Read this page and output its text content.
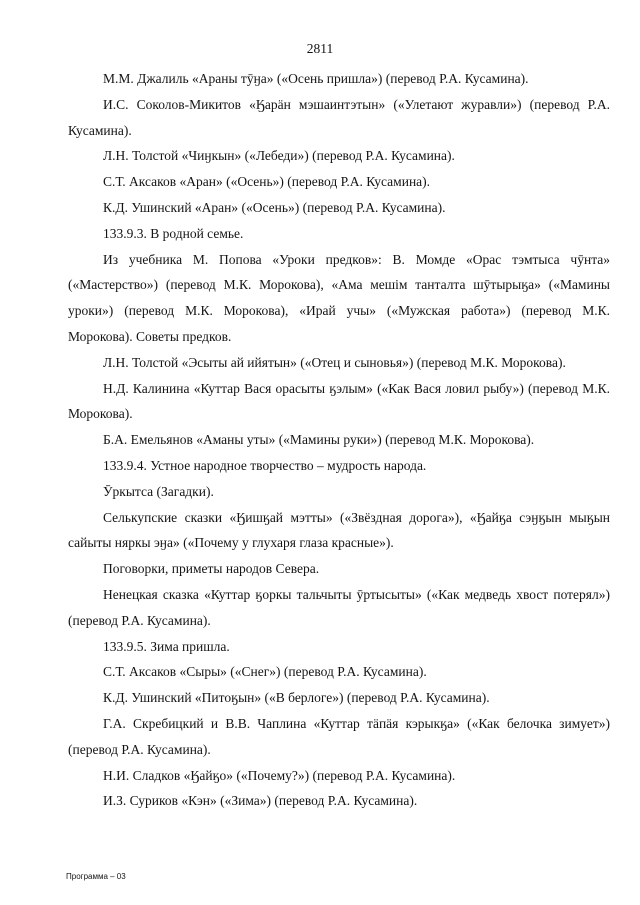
2811

М.М. Джалиль «Араны тӯӈа» («Осень пришла») (перевод Р.А. Кусамина).

И.С. Соколов-Микитов «Ӄарӓн мэшаинтэтын» («Улетают журавли») (перевод Р.А. Кусамина).

Л.Н. Толстой «Чиӈкын» («Лебеди») (перевод Р.А. Кусамина).

С.Т. Аксаков «Аран» («Осень») (перевод Р.А. Кусамина).

К.Д. Ушинский «Аран» («Осень») (перевод Р.А. Кусамина).

133.9.3. В родной семье.

Из учебника М. Попова «Уроки предков»: В. Момде «Орас тэмтыса чӯнта» («Мастерство») (перевод М.К. Морокова), «Ама мешім танталта шӯтырыӄа» («Мамины уроки») (перевод М.К. Морокова), «Ирай учы» («Мужская работа») (перевод М.К. Морокова). Советы предков.

Л.Н. Толстой «Эсыты ай ийятын» («Отец и сыновья») (перевод М.К. Морокова).

Н.Д. Калинина «Куттар Вася орасыты ӄэлым» («Как Вася ловил рыбу») (перевод М.К. Морокова).

Б.А. Емельянов «Аманы уты» («Мамины руки») (перевод М.К. Морокова).

133.9.4. Устное народное творчество – мудрость народа.

Ӯркытса (Загадки).

Селькупские сказки «Ӄишӄай мэтты» («Звёздная дорога»), «Ӄайӄа сэӈӄын мыӄын сайыты няркы эӈа» («Почему у глухаря глаза красные»).

Поговорки, приметы народов Севера.

Ненецкая сказка «Куттар ӄоркы тальчыты ӯртысыты» («Как медведь хвост потерял») (перевод Р.А. Кусамина).

133.9.5. Зима пришла.

С.Т. Аксаков «Сыры» («Снег») (перевод Р.А. Кусамина).

К.Д. Ушинский «Питоӄын» («В берлоге») (перевод Р.А. Кусамина).

Г.А. Скребицкий и В.В. Чаплина «Куттар тӓпӓя кэрыкӄа» («Как белочка зимует») (перевод Р.А. Кусамина).

Н.И. Сладков «Ӄайӄо» («Почему?») (перевод Р.А. Кусамина).

И.З. Суриков «Кэн» («Зима») (перевод Р.А. Кусамина).

Программа – 03
